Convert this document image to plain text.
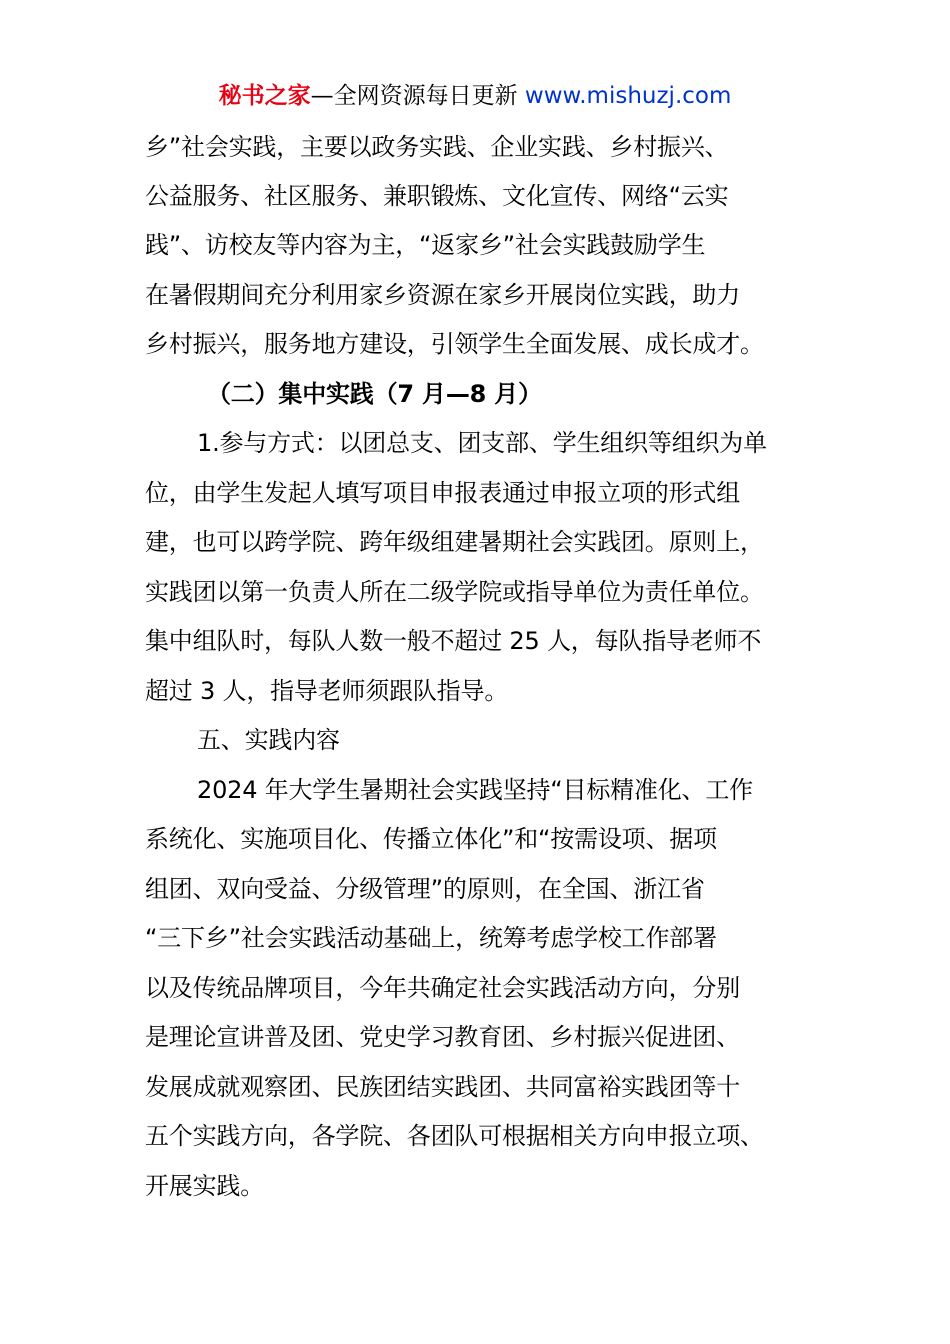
秘书之家—全网资源每日更新 www.mishuzj.com
乡”社会实践，主要以政务实践、企业实践、乡村振兴、
公益服务、社区服务、兼职锻炼、文化宣传、网络“云实
践”、访校友等内容为主，“返家乡”社会实践鼓励学生
在暑假期间充分利用家乡资源在家乡开展岗位实践，助力
乡村振兴，服务地方建设，引领学生全面发展、成长成才。
（二）集中实践（7 月—8 月）
1.参与方式：以团总支、团支部、学生组织等组织为单
位，由学生发起人填写项目申报表通过申报立项的形式组
建，也可以跨学院、跨年级组建暑期社会实践团。原则上，
实践团以第一负责人所在二级学院或指导单位为责任单位。
集中组队时，每队人数一般不超过 25 人，每队指导老师不
超过 3 人，指导老师须跟队指导。
五、实践内容
2024 年大学生暑期社会实践坚持“目标精准化、工作
系统化、实施项目化、传播立体化”和“按需设项、据项
组团、双向受益、分级管理”的原则，在全国、浙江省
“三下乡”社会实践活动基础上，统筹考虑学校工作部署
以及传统品牌项目，今年共确定社会实践活动方向，分别
是理论宣讲普及团、党史学习教育团、乡村振兴促进团、
发展成就观察团、民族团结实践团、共同富裕实践团等十
五个实践方向，各学院、各团队可根据相关方向申报立项、
开展实践。
